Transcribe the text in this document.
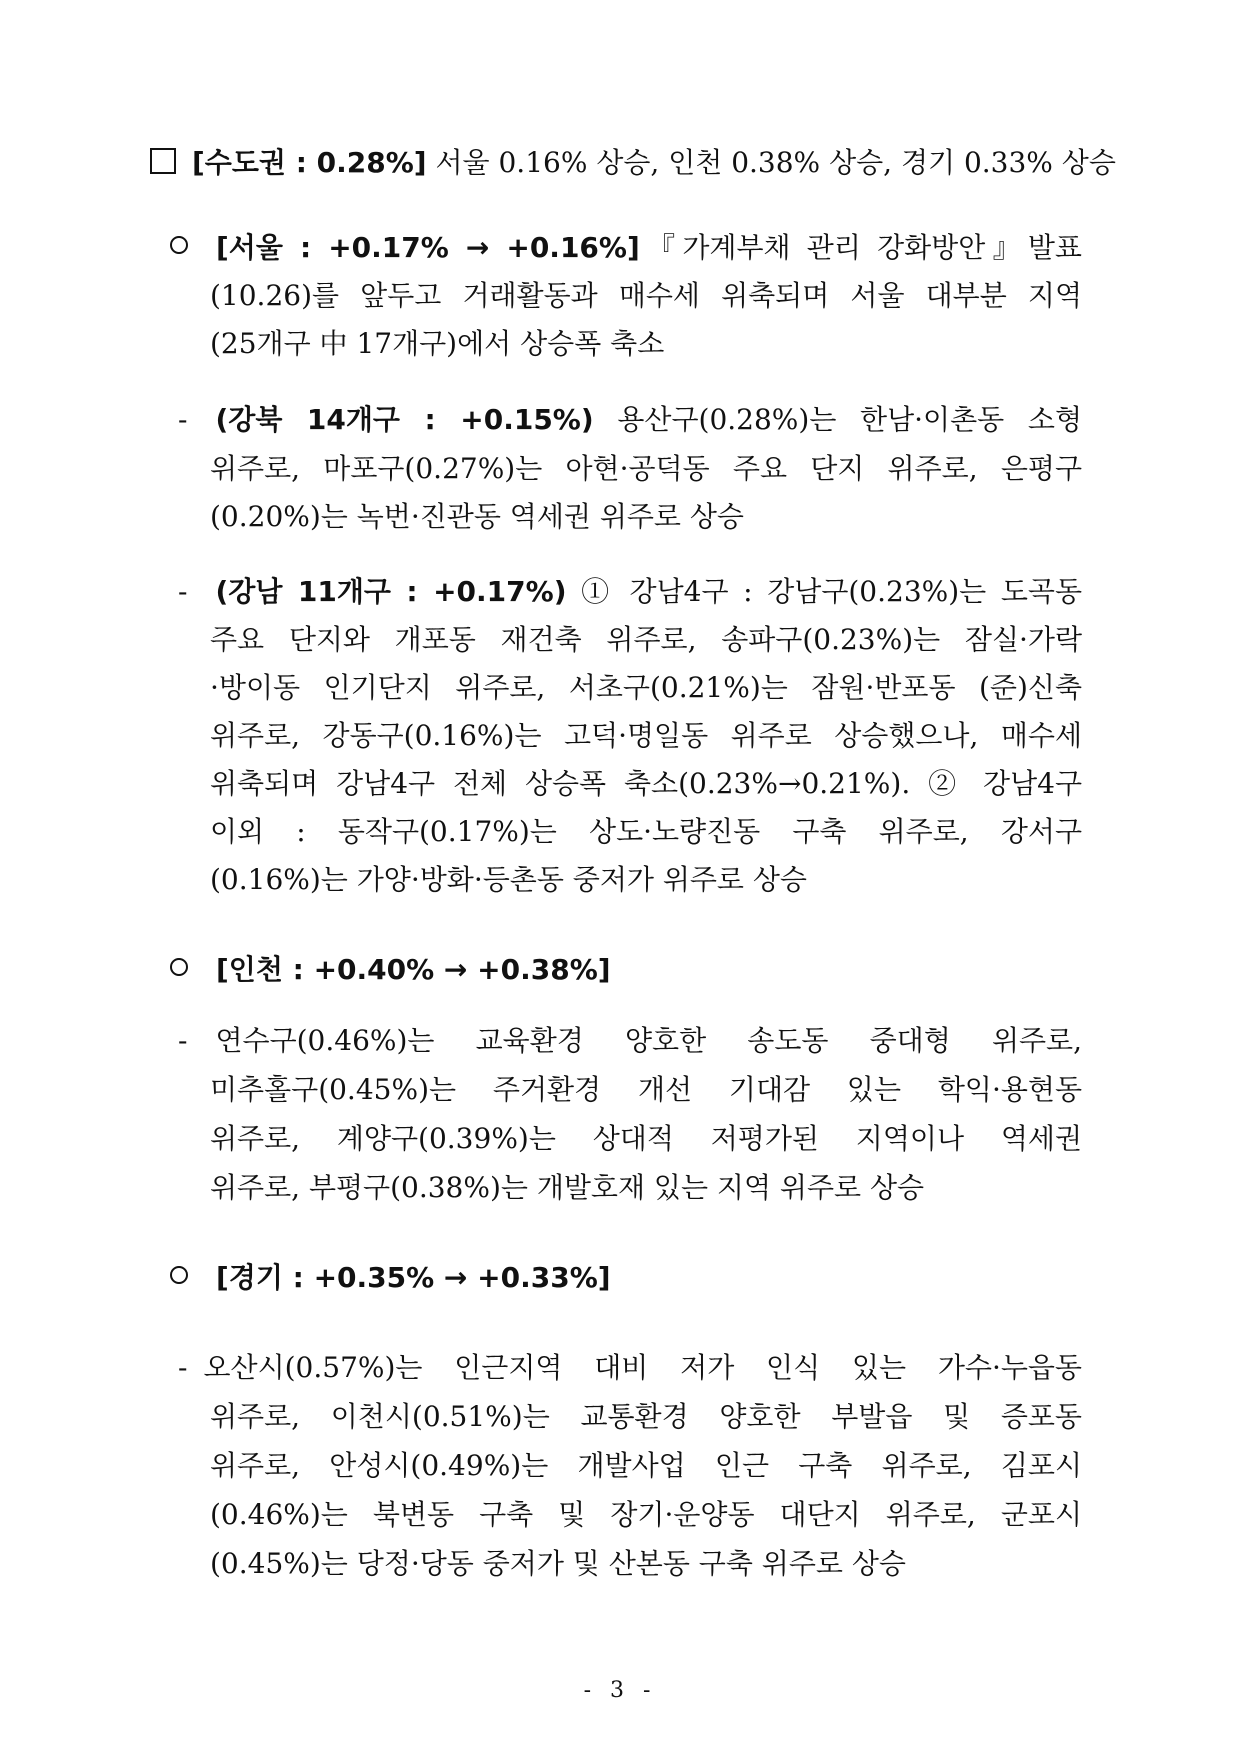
[수도권 : 0.28%] 서울 0.16% 상승, 인천 0.38% 상승, 경기 0.33% 상승
[서울 : +0.17% → +0.16%]『가계부채 관리 강화방안』발표
(10.26)를 앞두고 거래활동과 매수세 위축되며 서울 대부분 지역
(25개구 中 17개구)에서 상승폭 축소
- (강북 14개구 : +0.15%) 용산구(0.28%)는 한남·이촌동 소형
위주로, 마포구(0.27%)는 아현·공덕동 주요 단지 위주로, 은평구
(0.20%)는 녹번·진관동 역세권 위주로 상승
- (강남 11개구 : +0.17%) ① 강남4구 : 강남구(0.23%)는 도곡동
주요 단지와 개포동 재건축 위주로, 송파구(0.23%)는 잠실·가락
·방이동 인기단지 위주로, 서초구(0.21%)는 잠원·반포동 (준)신축
위주로, 강동구(0.16%)는 고덕·명일동 위주로 상승했으나, 매수세
위축되며 강남4구 전체 상승폭 축소(0.23%→0.21%). ② 강남4구
이외 : 동작구(0.17%)는 상도·노량진동 구축 위주로, 강서구
(0.16%)는 가양·방화·등촌동 중저가 위주로 상승
[인천 : +0.40% → +0.38%]
- 연수구(0.46%)는 교육환경 양호한 송도동 중대형 위주로,
미추홀구(0.45%)는 주거환경 개선 기대감 있는 학익·용현동
위주로, 계양구(0.39%)는 상대적 저평가된 지역이나 역세권
위주로, 부평구(0.38%)는 개발호재 있는 지역 위주로 상승
[경기 : +0.35% → +0.33%]
- 오산시(0.57%)는 인근지역 대비 저가 인식 있는 가수·누읍동
위주로, 이천시(0.51%)는 교통환경 양호한 부발읍 및 증포동
위주로, 안성시(0.49%)는 개발사업 인근 구축 위주로, 김포시
(0.46%)는 북변동 구축 및 장기·운양동 대단지 위주로, 군포시
(0.45%)는 당정·당동 중저가 및 산본동 구축 위주로 상승
- 3 -
